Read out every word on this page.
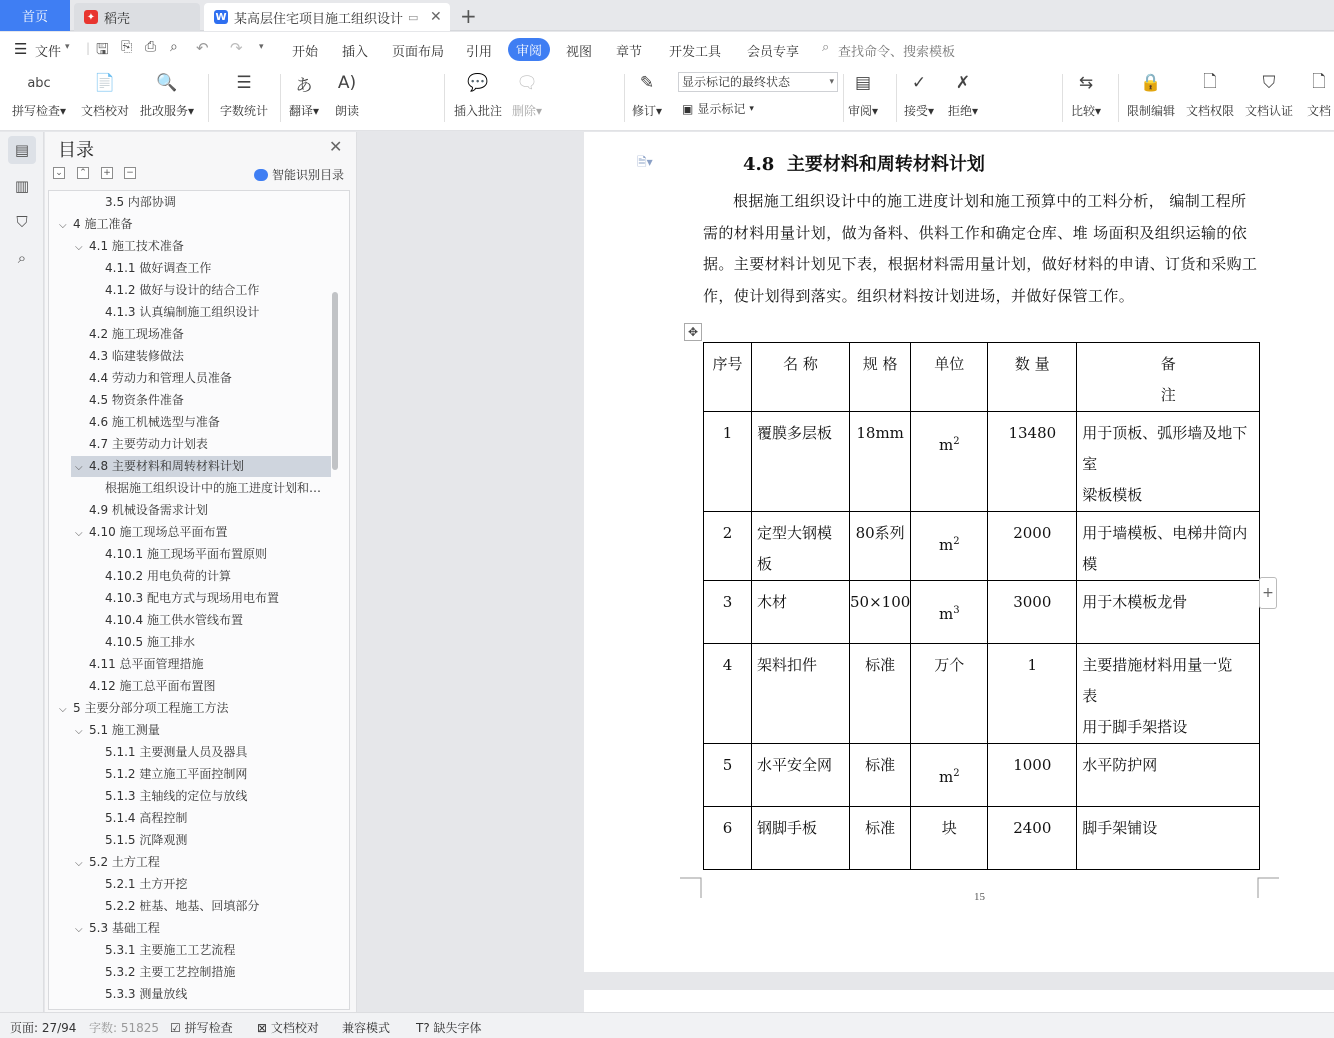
首页	✦ 稻壳	W 某高层住宅项目施工组织设计 ▭ ✕ +
☰ 文件 ▾ | 🖫 ⎘ ⎙ ⌕ ↶ ↷ ▾ 开始 插入 页面布局 引用	审阅	视图 章节 开发工具 会员专享 ⌕ 查找命令、搜索模板
abc
拼写检查▾
📄
文档校对
🔍
批改服务▾
☰
字数统计
あ
翻译▾
A)
朗读
💬
插入批注
🗨
删除▾
✎
修订▾
▤
审阅▾
✓
接受▾
✗
拒绝▾
⇆
比较▾
🔒
限制编辑
🗋
文档权限
⛉
文档认证
🗋
文档
显示标记的最终状态	▾
▣ 显示标记 ▾
▤
▥
⛉
⌕
目录	✕
⌄ ⌃ + −	智能识别目录
3.5 内部协调
⌵ 4 施工准备
⌵ 4.1 施工技术准备
4.1.1 做好调查工作
4.1.2 做好与设计的结合工作
4.1.3 认真编制施工组织设计
4.2 施工现场准备
4.3 临建装修做法
4.4 劳动力和管理人员准备
4.5 物资条件准备
4.6 施工机械选型与准备
4.7 主要劳动力计划表
⌵ 4.8 主要材料和周转材料计划
根据施工组织设计中的施工进度计划和…
4.9 机械设备需求计划
⌵ 4.10 施工现场总平面布置
4.10.1 施工现场平面布置原则
4.10.2 用电负荷的计算
4.10.3 配电方式与现场用电布置
4.10.4 施工供水管线布置
4.10.5 施工排水
4.11 总平面管理措施
4.12 施工总平面布置图
⌵ 5 主要分部分项工程施工方法
⌵ 5.1 施工测量
5.1.1 主要测量人员及器具
5.1.2 建立施工平面控制网
5.1.3 主轴线的定位与放线
5.1.4 高程控制
5.1.5 沉降观测
⌵ 5.2 土方工程
5.2.1 土方开挖
5.2.2 桩基、地基、回填部分
⌵ 5.3 基础工程
5.3.1 主要施工工艺流程
5.3.2 主要工艺控制措施
5.3.3 测量放线
🗎▾	4.8 主要材料和周转材料计划
根据施工组织设计中的施工进度计划和施工预算中的工料分析， 编制工程所需的材料用量计划，做为备料、供料工作和确定仓库、堆 场面积及组织运输的依据。主要材料计划见下表，根据材料需用量计划，做好材料的申请、订货和采购工作，使计划得到落实。组织材料按计划进场，并做好保管工作。
✥
序号	名 称	规 格	单位	数 量	备
注
1	覆膜多层板	18mm	$m^2$	13480	用于顶板、弧形墙及地下
室
梁板模板
2	定型大钢模
板	80系列	$m^2$	2000	用于墙模板、电梯井筒内
模
3	木材	50×100	$m^3$	3000	用于木模板龙骨
4	架料扣件	标准	万个	1	主要措施材料用量一览
表
用于脚手架搭设
5	水平安全网	标准	$m^2$	1000	水平防护网
6	钢脚手板	标准	块	2400	脚手架铺设
+
15
页面: 27/94 字数: 51825 ☑ 拼写检查 ⊠ 文档校对 兼容模式 T? 缺失字体
